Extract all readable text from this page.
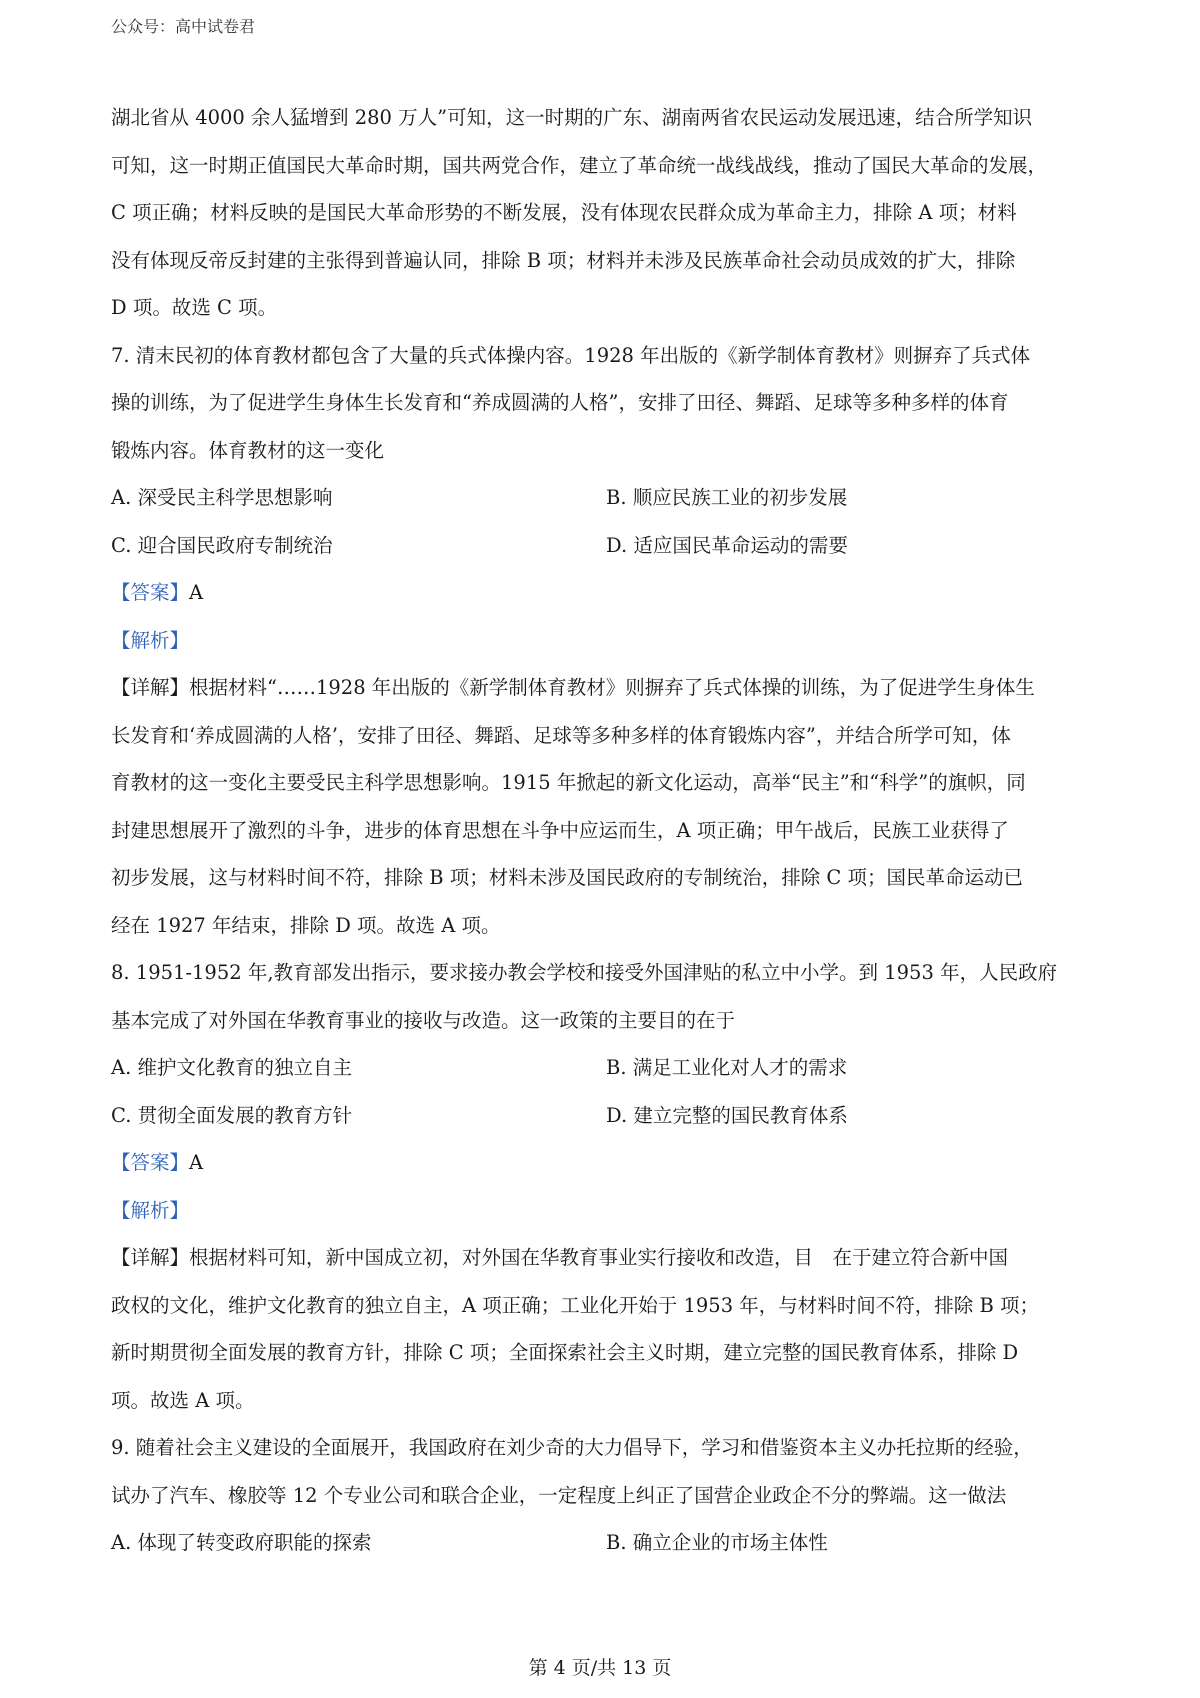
公众号：高中试卷君

湖北省从 4000 余人猛增到 280 万人”可知，这一时期的广东、湖南两省农民运动发展迅速，结合所学知识

可知，这一时期正值国民大革命时期，国共两党合作，建立了革命统一战线战线，推动了国民大革命的发展，

C 项正确；材料反映的是国民大革命形势的不断发展，没有体现农民群众成为革命主力，排除 A 项；材料

没有体现反帝反封建的主张得到普遍认同，排除 B 项；材料并未涉及民族革命社会动员成效的扩大，排除

D 项。故选 C 项。

7. 清末民初的体育教材都包含了大量的兵式体操内容。1928 年出版的《新学制体育教材》则摒弃了兵式体

操的训练，为了促进学生身体生长发育和“养成圆满的人格”，安排了田径、舞蹈、足球等多种多样的体育

锻炼内容。体育教材的这一变化

A. 深受民主科学思想影响	B. 顺应民族工业的初步发展
C. 迎合国民政府专制统治	D. 适应国民革命运动的需要

【答案】A

【解析】

【详解】根据材料“……1928 年出版的《新学制体育教材》则摒弃了兵式体操的训练，为了促进学生身体生

长发育和‘养成圆满的人格’，安排了田径、舞蹈、足球等多种多样的体育锻炼内容”，并结合所学可知，体

育教材的这一变化主要受民主科学思想影响。1915 年掀起的新文化运动，高举“民主”和“科学”的旗帜，同

封建思想展开了激烈的斗争，进步的体育思想在斗争中应运而生，A 项正确；甲午战后，民族工业获得了

初步发展，这与材料时间不符，排除 B 项；材料未涉及国民政府的专制统治，排除 C 项；国民革命运动已

经在 1927 年结束，排除 D 项。故选 A 项。

8. 1951-1952 年,教育部发出指示，要求接办教会学校和接受外国津贴的私立中小学。到 1953 年，人民政府

基本完成了对外国在华教育事业的接收与改造。这一政策的主要目的在于

A. 维护文化教育的独立自主	B. 满足工业化对人才的需求
C. 贯彻全面发展的教育方针	D. 建立完整的国民教育体系

【答案】A

【解析】

【详解】根据材料可知，新中国成立初，对外国在华教育事业实行接收和改造，目　在于建立符合新中国

政权的文化，维护文化教育的独立自主，A 项正确；工业化开始于 1953 年，与材料时间不符，排除 B 项；

新时期贯彻全面发展的教育方针，排除 C 项；全面探索社会主义时期，建立完整的国民教育体系，排除 D

项。故选 A 项。

9. 随着社会主义建设的全面展开，我国政府在刘少奇的大力倡导下，学习和借鉴资本主义办托拉斯的经验，

试办了汽车、橡胶等 12 个专业公司和联合企业，一定程度上纠正了国营企业政企不分的弊端。这一做法

A. 体现了转变政府职能的探索	B. 确立企业的市场主体性
第 4 页/共 13 页
